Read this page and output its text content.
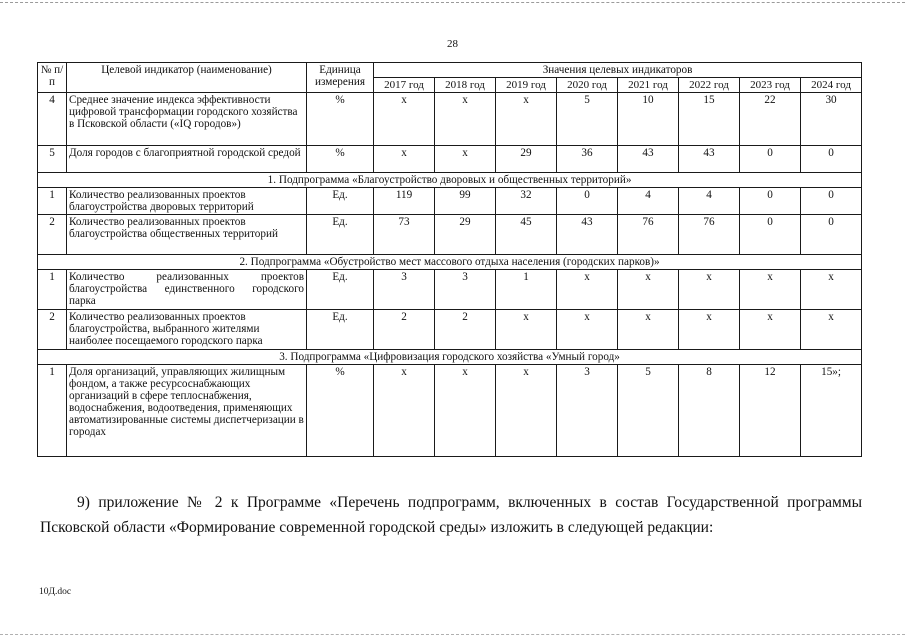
28
№ п/п	Целевой индикатор (наименование)	Единица измерения	Значения целевых индикаторов							
			2017 год	2018 год	2019 год	2020 год	2021 год	2022 год	2023 год	2024 год
4	Среднее значение индекса эффективности цифровой трансформации городского хозяйства в Псковской области («IQ городов»)	%	х	х	х	5	10	15	22	30
5	Доля городов с благоприятной городской средой	%	х	х	29	36	43	43	0	0
1. Подпрограмма «Благоустройство дворовых и общественных территорий»										
1	Количество реализованных проектов благоустройства дворовых территорий	Ед.	119	99	32	0	4	4	0	0
2	Количество реализованных проектов благоустройства общественных территорий	Ед.	73	29	45	43	76	76	0	0
2. Подпрограмма «Обустройство мест массового отдыха населения (городских парков)»										
1	Количество реализованных проектов благоустройства единственного городского парка	Ед.	3	3	1	х	х	х	х	х
2	Количество реализованных проектов благоустройства, выбранного жителями наиболее посещаемого городского парка	Ед.	2	2	х	х	х	х	х	х
3. Подпрограмма «Цифровизация городского хозяйства «Умный город»										
1	Доля организаций, управляющих жилищным фондом, а также ресурсоснабжающих организаций в сфере теплоснабжения, водоснабжения, водоотведения, применяющих автоматизированные системы диспетчеризации в городах	%	х	х	х	3	5	8	12	15»;
9) приложение № 2 к Программе «Перечень подпрограмм, включенных в состав Государственной программы Псковской области «Формирование современной городской среды» изложить в следующей редакции:
10Д.doc
